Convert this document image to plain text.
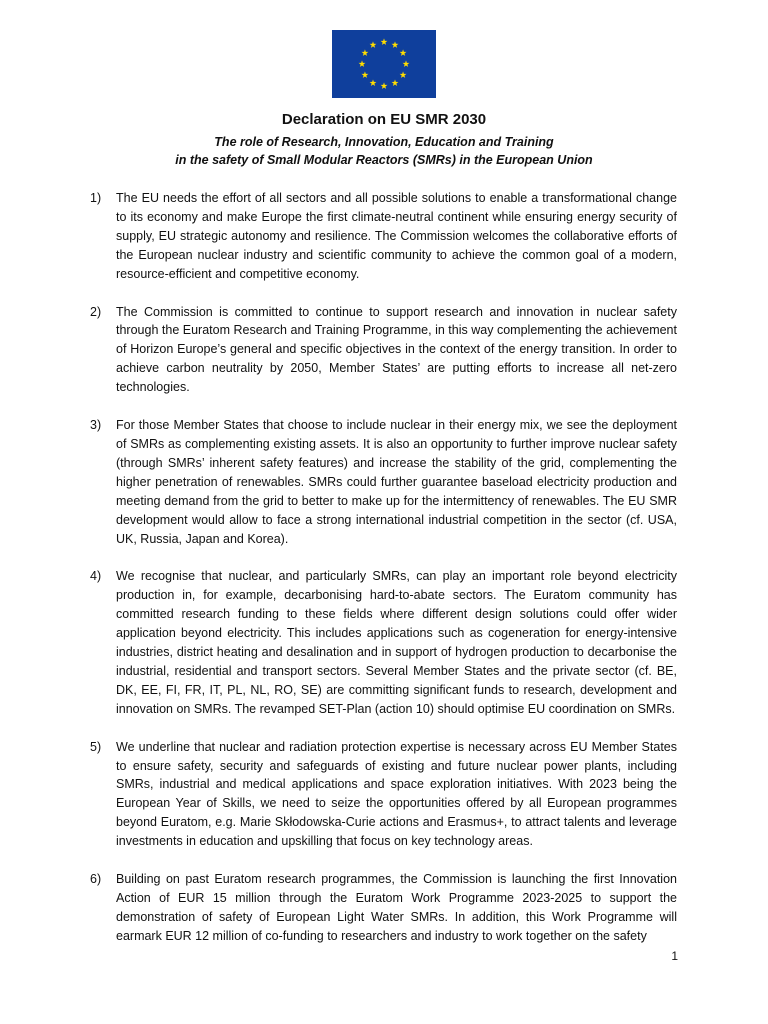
Declaration on EU SMR 2030
The role of Research, Innovation, Education and Training
in the safety of Small Modular Reactors (SMRs) in the European Union
1) The EU needs the effort of all sectors and all possible solutions to enable a transformational change to its economy and make Europe the first climate-neutral continent while ensuring energy security of supply, EU strategic autonomy and resilience. The Commission welcomes the collaborative efforts of the European nuclear industry and scientific community to achieve the common goal of a modern, resource-efficient and competitive economy.
2) The Commission is committed to continue to support research and innovation in nuclear safety through the Euratom Research and Training Programme, in this way complementing the achievement of Horizon Europe’s general and specific objectives in the context of the energy transition. In order to achieve carbon neutrality by 2050, Member States’ are putting efforts to increase all net-zero technologies.
3) For those Member States that choose to include nuclear in their energy mix, we see the deployment of SMRs as complementing existing assets. It is also an opportunity to further improve nuclear safety (through SMRs’ inherent safety features) and increase the stability of the grid, complementing the higher penetration of renewables. SMRs could further guarantee baseload electricity production and meeting demand from the grid to better to make up for the intermittency of renewables. The EU SMR development would allow to face a strong international industrial competition in the sector (cf. USA, UK, Russia, Japan and Korea).
4) We recognise that nuclear, and particularly SMRs, can play an important role beyond electricity production in, for example, decarbonising hard-to-abate sectors. The Euratom community has committed research funding to these fields where different design solutions could offer wider application beyond electricity. This includes applications such as cogeneration for energy-intensive industries, district heating and desalination and in support of hydrogen production to decarbonise the industrial, residential and transport sectors. Several Member States and the private sector (cf. BE, DK, EE, FI, FR, IT, PL, NL, RO, SE) are committing significant funds to research, development and innovation on SMRs. The revamped SET-Plan (action 10) should optimise EU coordination on SMRs.
5) We underline that nuclear and radiation protection expertise is necessary across EU Member States to ensure safety, security and safeguards of existing and future nuclear power plants, including SMRs, industrial and medical applications and space exploration initiatives. With 2023 being the European Year of Skills, we need to seize the opportunities offered by all European programmes beyond Euratom, e.g. Marie Skłodowska-Curie actions and Erasmus+, to attract talents and leverage investments in education and upskilling that focus on key technology areas.
6) Building on past Euratom research programmes, the Commission is launching the first Innovation Action of EUR 15 million through the Euratom Work Programme 2023-2025 to support the demonstration of safety of European Light Water SMRs. In addition, this Work Programme will earmark EUR 12 million of co-funding to researchers and industry to work together on the safety
1
